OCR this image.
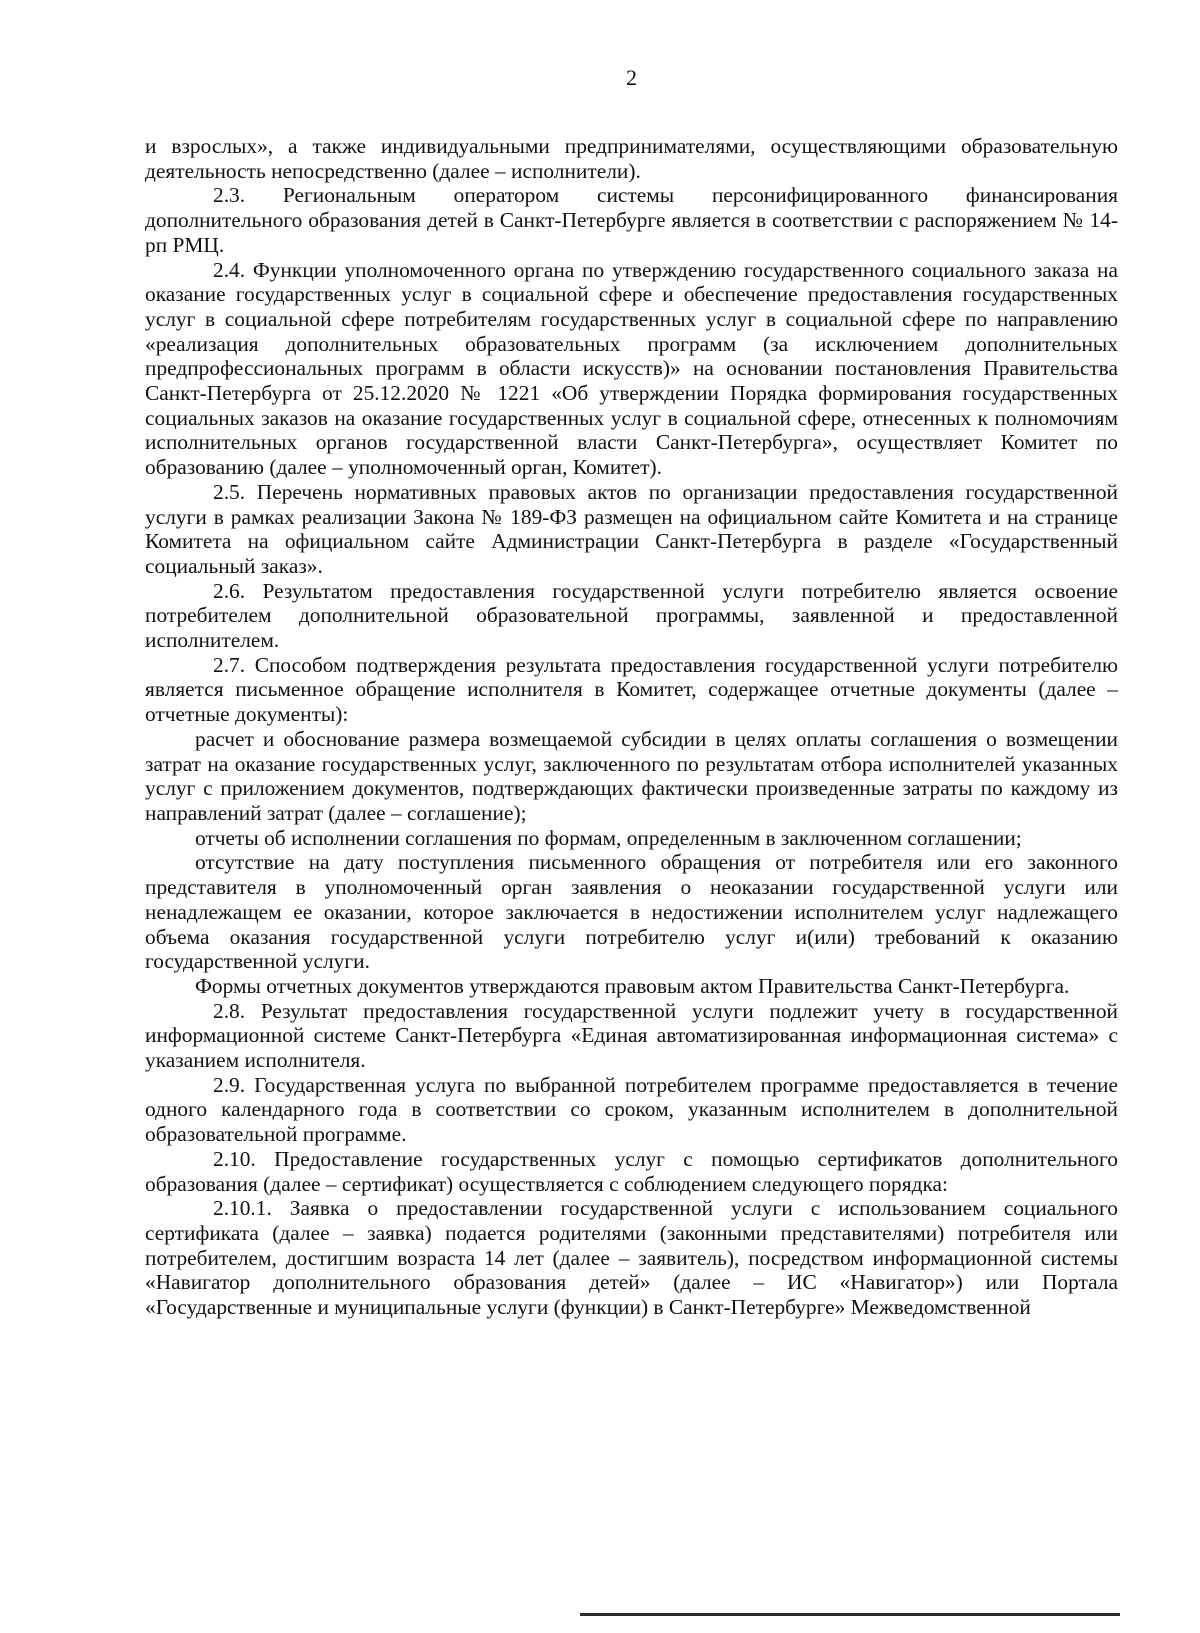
2

и взрослых», а также индивидуальными предпринимателями, осуществляющими образовательную деятельность непосредственно (далее – исполнители).

2.3. Региональным оператором системы персонифицированного финансирования дополнительного образования детей в Санкт-Петербурге является в соответствии с распоряжением № 14-рп РМЦ.

2.4. Функции уполномоченного органа по утверждению государственного социального заказа на оказание государственных услуг в социальной сфере и обеспечение предоставления государственных услуг в социальной сфере потребителям государственных услуг в социальной сфере по направлению «реализация дополнительных образовательных программ (за исключением дополнительных предпрофессиональных программ в области искусств)» на основании постановления Правительства Санкт-Петербурга от 25.12.2020 № 1221 «Об утверждении Порядка формирования государственных социальных заказов на оказание государственных услуг в социальной сфере, отнесенных к полномочиям исполнительных органов государственной власти Санкт-Петербурга», осуществляет Комитет по образованию (далее – уполномоченный орган, Комитет).

2.5. Перечень нормативных правовых актов по организации предоставления государственной услуги в рамках реализации Закона № 189-ФЗ размещен на официальном сайте Комитета и на странице Комитета на официальном сайте Администрации Санкт-Петербурга в разделе «Государственный социальный заказ».

2.6. Результатом предоставления государственной услуги потребителю является освоение потребителем дополнительной образовательной программы, заявленной и предоставленной исполнителем.

2.7. Способом подтверждения результата предоставления государственной услуги потребителю является письменное обращение исполнителя в Комитет, содержащее отчетные документы (далее – отчетные документы):

расчет и обоснование размера возмещаемой субсидии в целях оплаты соглашения о возмещении затрат на оказание государственных услуг, заключенного по результатам отбора исполнителей указанных услуг с приложением документов, подтверждающих фактически произведенные затраты по каждому из направлений затрат (далее – соглашение);

отчеты об исполнении соглашения по формам, определенным в заключенном соглашении;

отсутствие на дату поступления письменного обращения от потребителя или его законного представителя в уполномоченный орган заявления о неоказании государственной услуги или ненадлежащем ее оказании, которое заключается в недостижении исполнителем услуг надлежащего объема оказания государственной услуги потребителю услуг и(или) требований к оказанию государственной услуги.

Формы отчетных документов утверждаются правовым актом Правительства Санкт-Петербурга.

2.8. Результат предоставления государственной услуги подлежит учету в государственной информационной системе Санкт-Петербурга «Единая автоматизированная информационная система» с указанием исполнителя.

2.9. Государственная услуга по выбранной потребителем программе предоставляется в течение одного календарного года в соответствии со сроком, указанным исполнителем в дополнительной образовательной программе.

2.10. Предоставление государственных услуг с помощью сертификатов дополнительного образования (далее – сертификат) осуществляется с соблюдением следующего порядка:

2.10.1. Заявка о предоставлении государственной услуги с использованием социального сертификата (далее – заявка) подается родителями (законными представителями) потребителя или потребителем, достигшим возраста 14 лет (далее – заявитель), посредством информационной системы «Навигатор дополнительного образования детей» (далее – ИС «Навигатор») или Портала «Государственные и муниципальные услуги (функции) в Санкт-Петербурге» Межведомственной
